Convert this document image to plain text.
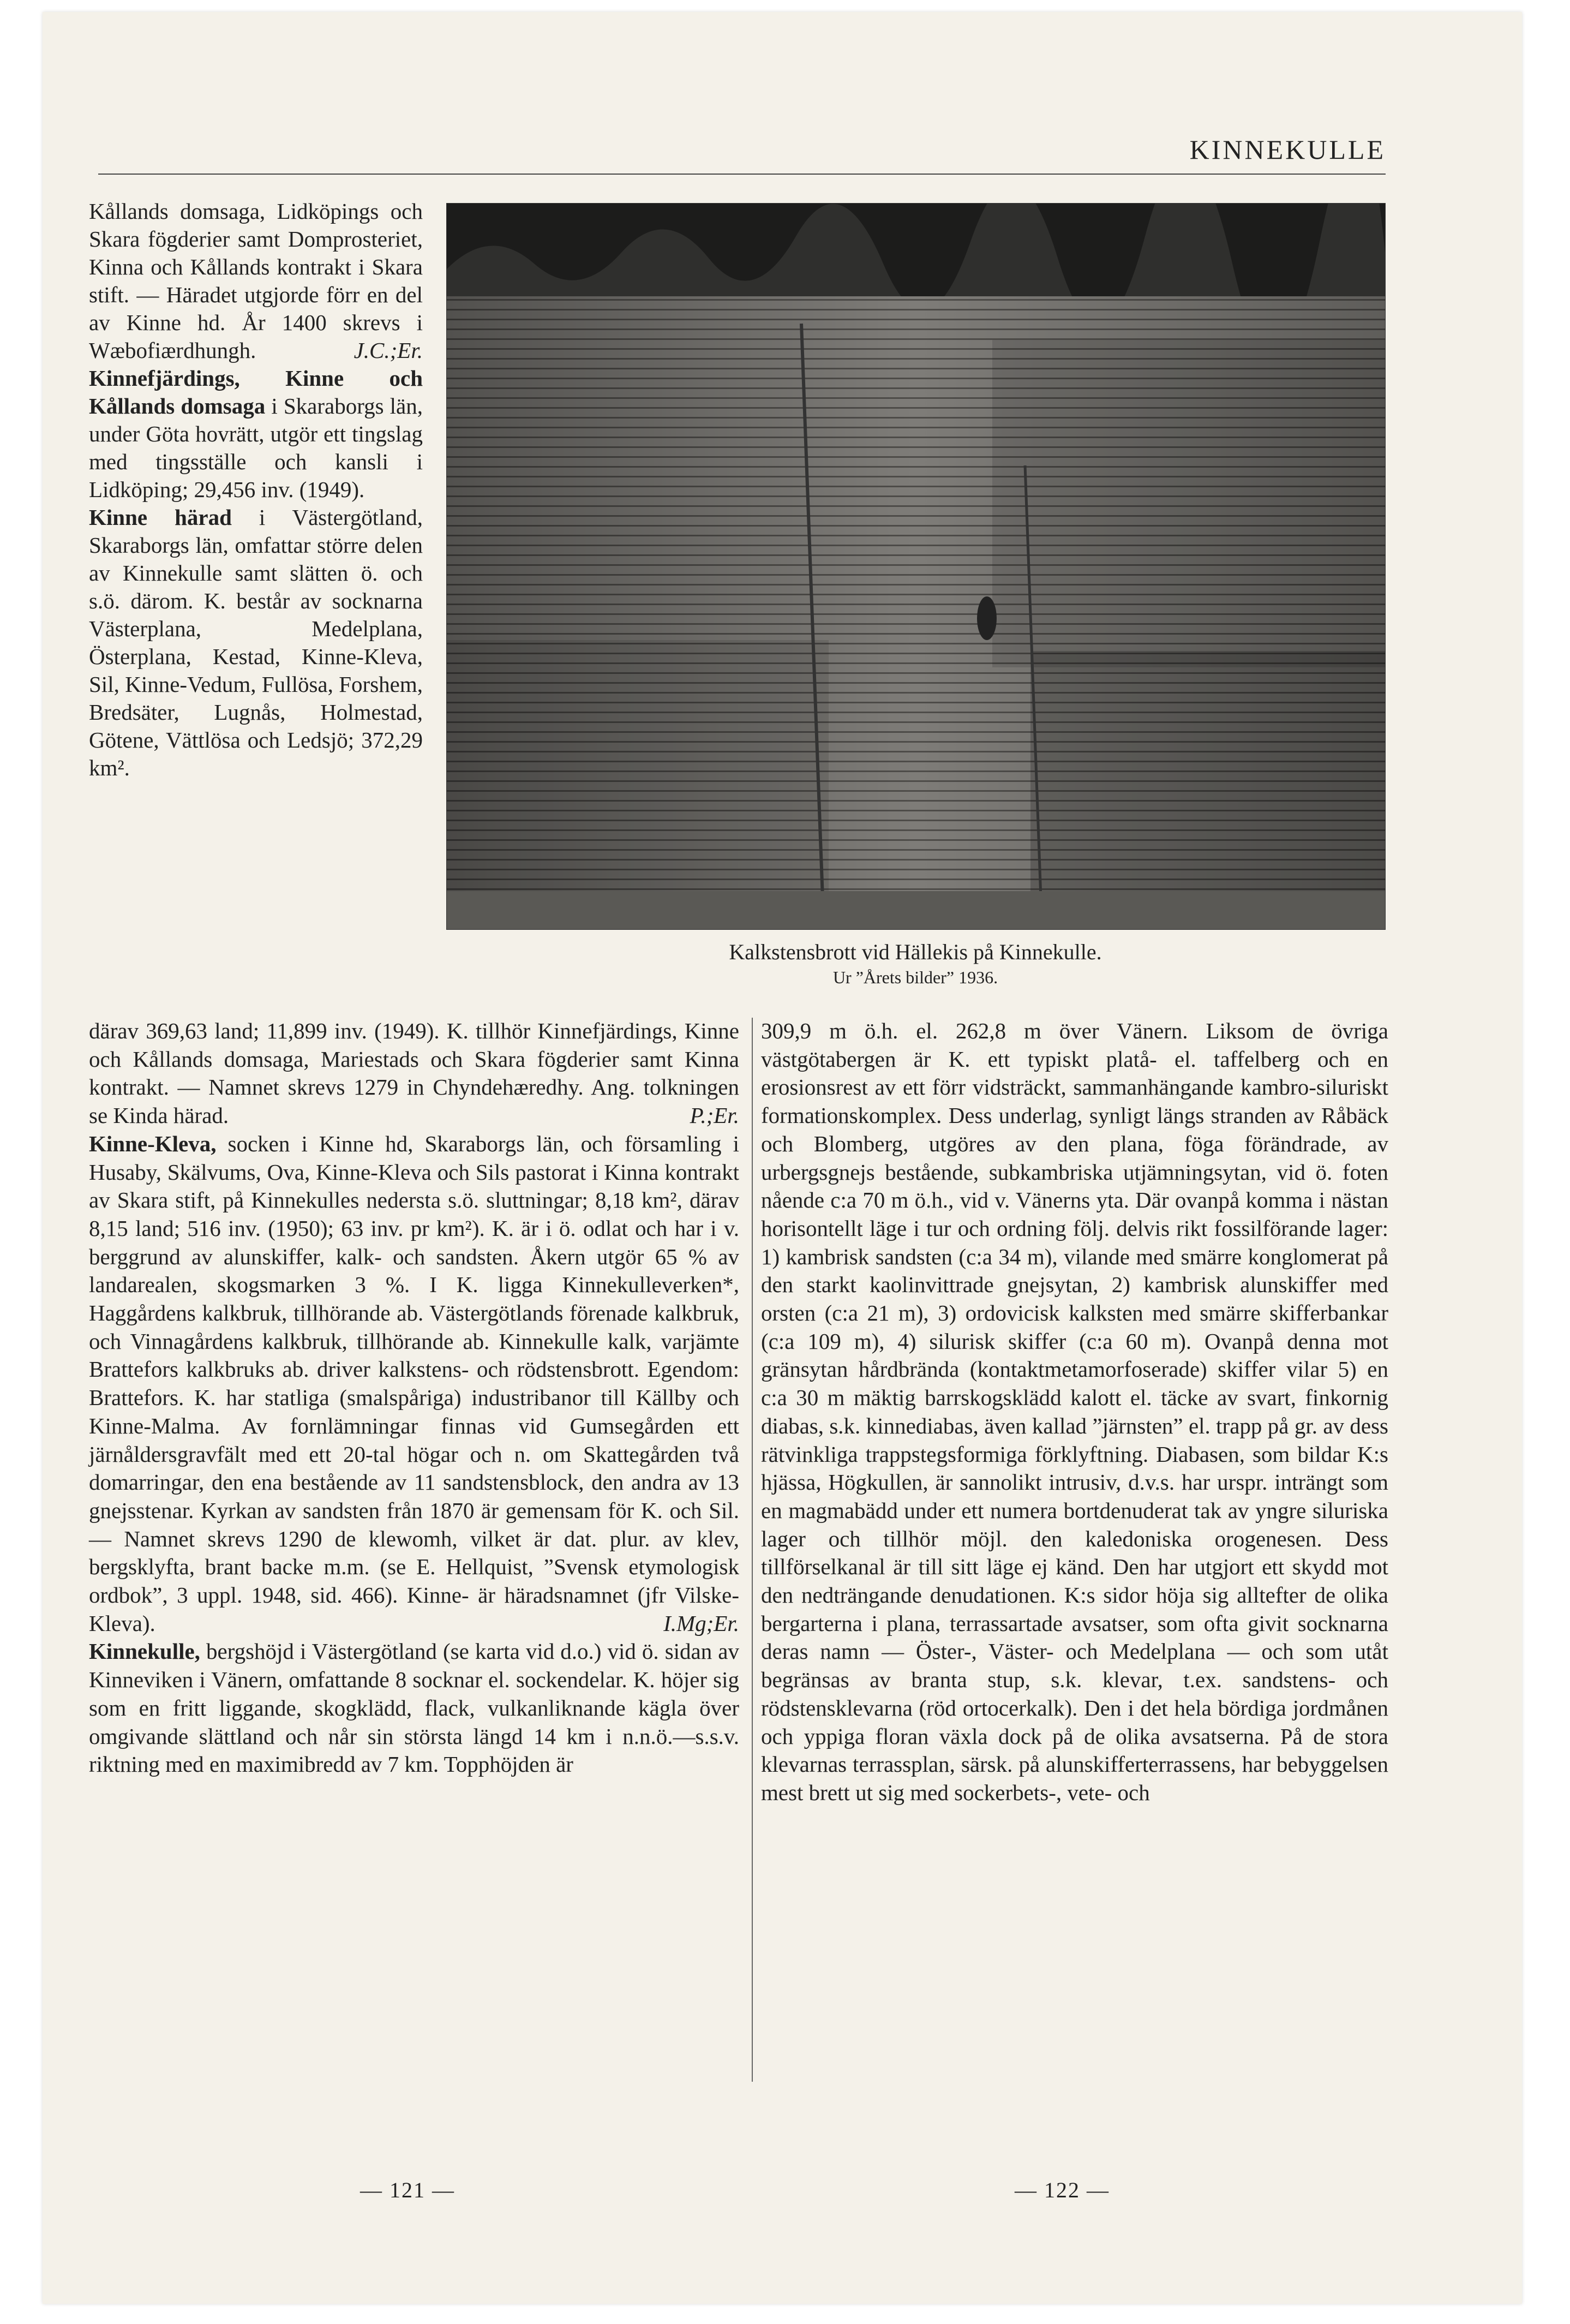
KINNEKULLE

Kållands domsaga, Lidköpings och Skara fögderier samt Domprosteriet, Kinna och Kållands kontrakt i Skara stift. — Häradet utgjorde förr en del av Kinne hd. År 1400 skrevs i Wæbofiærdhungh.	J.C.;Er.

Kinnefjärdings, Kinne och Kållands domsaga i Skaraborgs län, under Göta hovrätt, utgör ett tingslag med tingsställe och kansli i Lidköping; 29,456 inv. (1949).

Kinne härad i Västergötland, Skaraborgs län, omfattar större delen av Kinnekulle samt slätten ö. och s.ö. därom. K. består av socknarna Västerplana, Medelplana, Österplana, Kestad, Kinne-Kleva, Sil, Kinne-Vedum, Fullösa, Forshem, Bredsäter, Lugnås, Holmestad, Götene, Vättlösa och Ledsjö; 372,29 km².

Kalkstensbrott vid Hällekis på Kinnekulle.
Ur ”Årets bilder” 1936.

därav 369,63 land; 11,899 inv. (1949). K. tillhör Kinnefjärdings, Kinne och Kållands domsaga, Mariestads och Skara fögderier samt Kinna kontrakt. — Namnet skrevs 1279 in Chyndehæredhy. Ang. tolkningen se Kinda härad.	P.;Er.

Kinne-Kleva, socken i Kinne hd, Skaraborgs län, och församling i Husaby, Skälvums, Ova, Kinne-Kleva och Sils pastorat i Kinna kontrakt av Skara stift, på Kinnekulles nedersta s.ö. sluttningar; 8,18 km², därav 8,15 land; 516 inv. (1950); 63 inv. pr km²). K. är i ö. odlat och har i v. berggrund av alunskiffer, kalk- och sandsten. Åkern utgör 65 % av landarealen, skogsmarken 3 %. I K. ligga Kinnekulleverken*, Haggårdens kalkbruk, tillhörande ab. Västergötlands förenade kalkbruk, och Vinnagårdens kalkbruk, tillhörande ab. Kinnekulle kalk, varjämte Brattefors kalkbruks ab. driver kalkstens- och rödstensbrott. Egendom: Brattefors. K. har statliga (smalspåriga) industribanor till Källby och Kinne-Malma. Av fornlämningar finnas vid Gumsegården ett järnåldersgravfält med ett 20-tal högar och n. om Skattegården två domarringar, den ena bestående av 11 sandstensblock, den andra av 13 gnejsstenar. Kyrkan av sandsten från 1870 är gemensam för K. och Sil. — Namnet skrevs 1290 de klewomh, vilket är dat. plur. av klev, bergsklyfta, brant backe m.m. (se E. Hellquist, ”Svensk etymologisk ordbok”, 3 uppl. 1948, sid. 466). Kinne- är häradsnamnet (jfr Vilske-Kleva).	I.Mg;Er.

Kinnekulle, bergshöjd i Västergötland (se karta vid d.o.) vid ö. sidan av Kinneviken i Vänern, omfattande 8 socknar el. sockendelar. K. höjer sig som en fritt liggande, skogklädd, flack, vulkanliknande kägla över omgivande slättland och når sin största längd 14 km i n.n.ö.—s.s.v. riktning med en maximibredd av 7 km. Topphöjden är

309,9 m ö.h. el. 262,8 m över Vänern. Liksom de övriga västgötabergen är K. ett typiskt platå- el. taffelberg och en erosionsrest av ett förr vidsträckt, sammanhängande kambro-siluriskt formationskomplex. Dess underlag, synligt längs stranden av Råbäck och Blomberg, utgöres av den plana, föga förändrade, av urbergsgnejs bestående, subkambriska utjämningsytan, vid ö. foten nående c:a 70 m ö.h., vid v. Vänerns yta. Där ovanpå komma i nästan horisontellt läge i tur och ordning följ. delvis rikt fossilförande lager: 1) kambrisk sandsten (c:a 34 m), vilande med smärre konglomerat på den starkt kaolinvittrade gnejsytan, 2) kambrisk alunskiffer med orsten (c:a 21 m), 3) ordovicisk kalksten med smärre skifferbankar (c:a 109 m), 4) silurisk skiffer (c:a 60 m). Ovanpå denna mot gränsytan hårdbrända (kontaktmetamorfoserade) skiffer vilar 5) en c:a 30 m mäktig barrskogsklädd kalott el. täcke av svart, finkornig diabas, s.k. kinnediabas, även kallad ”järnsten” el. trapp på gr. av dess rätvinkliga trappstegsformiga förklyftning. Diabasen, som bildar K:s hjässa, Högkullen, är sannolikt intrusiv, d.v.s. har urspr. inträngt som en magmabädd under ett numera bortdenuderat tak av yngre siluriska lager och tillhör möjl. den kaledoniska orogenesen. Dess tillförselkanal är till sitt läge ej känd. Den har utgjort ett skydd mot den nedträngande denudationen. K:s sidor höja sig alltefter de olika bergarterna i plana, terrassartade avsatser, som ofta givit socknarna deras namn — Öster-, Väster- och Medelplana — och som utåt begränsas av branta stup, s.k. klevar, t.ex. sandstens- och rödstensklevarna (röd ortocerkalk). Den i det hela bördiga jordmånen och yppiga floran växla dock på de olika avsatserna. På de stora klevarnas terrassplan, särsk. på alunskifferterrassens, har bebyggelsen mest brett ut sig med sockerbets-, vete- och

— 121 —	— 122 —
